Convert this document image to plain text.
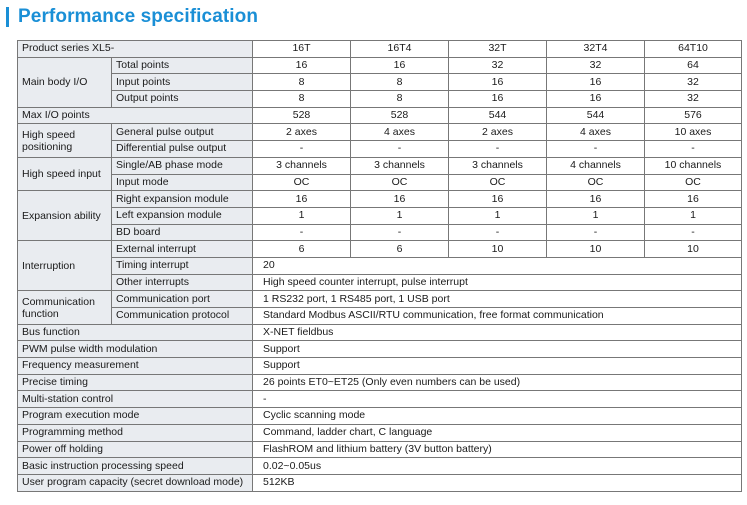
Performance specification
Product series XL5-		16T	16T4	32T	32T4	64T10
Main body I/O	Total points	16	16	32	32	64
	Input points	8	8	16	16	32
	Output points	8	8	16	16	32
Max I/O points		528	528	544	544	576
High speed positioning	General pulse output	2 axes	4 axes	2 axes	4 axes	10 axes
	Differential pulse output	-	-	-	-	-
High speed input	Single/AB phase mode	3 channels	3 channels	3 channels	4 channels	10 channels
	Input mode	OC	OC	OC	OC	OC
Expansion ability	Right expansion module	16	16	16	16	16
	Left expansion module	1	1	1	1	1
	BD board	-	-	-	-	-
Interruption	External interrupt	6	6	10	10	10
	Timing interrupt	20				
	Other interrupts	High speed counter interrupt, pulse interrupt				
Communication function	Communication port	1 RS232 port, 1 RS485 port, 1 USB port				
	Communication protocol	Standard Modbus ASCII/RTU communication, free format communication				
Bus function		X-NET fieldbus				
PWM pulse width modulation		Support				
Frequency measurement		Support				
Precise timing		26 points ET0~ET25 (Only even numbers can be used)				
Multi-station control		-				
Program execution mode		Cyclic scanning mode				
Programming method		Command, ladder chart, C language				
Power off holding		FlashROM and lithium battery (3V button battery)				
Basic instruction processing speed		0.02~0.05us				
User program capacity (secret download mode)		512KB				
